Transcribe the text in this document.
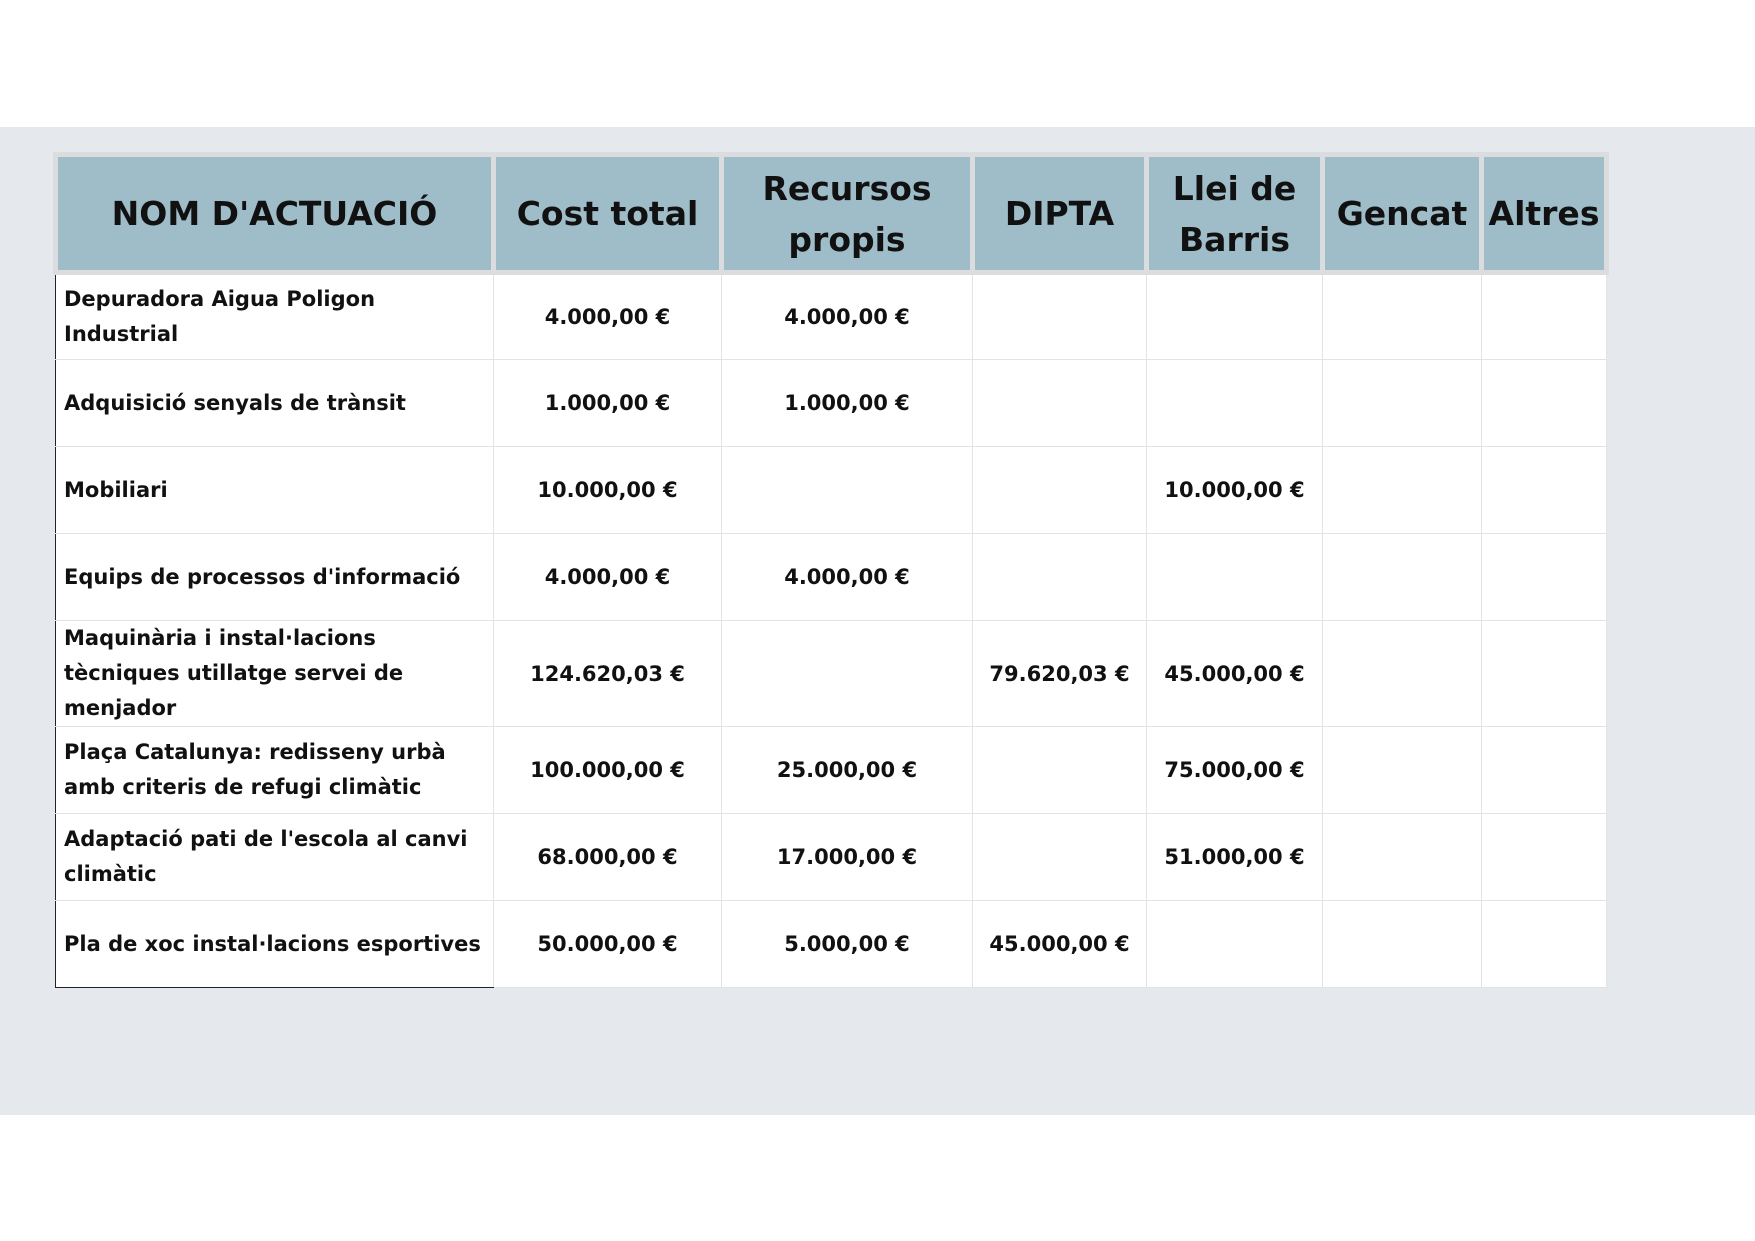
NOM D'ACTUACIÓ	Cost total	Recursos propis	DIPTA	Llei de Barris	Gencat	Altres
Depuradora Aigua Poligon Industrial	4.000,00 €	4.000,00 €				
Adquisició senyals de trànsit	1.000,00 €	1.000,00 €				
Mobiliari	10.000,00 €			10.000,00 €		
Equips de processos d'informació	4.000,00 €	4.000,00 €				
Maquinària i instal·lacions tècniques utillatge servei de menjador	124.620,03 €		79.620,03 €	45.000,00 €		
Plaça Catalunya: redisseny urbà amb criteris de refugi climàtic	100.000,00 €	25.000,00 €		75.000,00 €		
Adaptació pati de l'escola al canvi climàtic	68.000,00 €	17.000,00 €		51.000,00 €		
Pla de xoc instal·lacions esportives	50.000,00 €	5.000,00 €	45.000,00 €			
